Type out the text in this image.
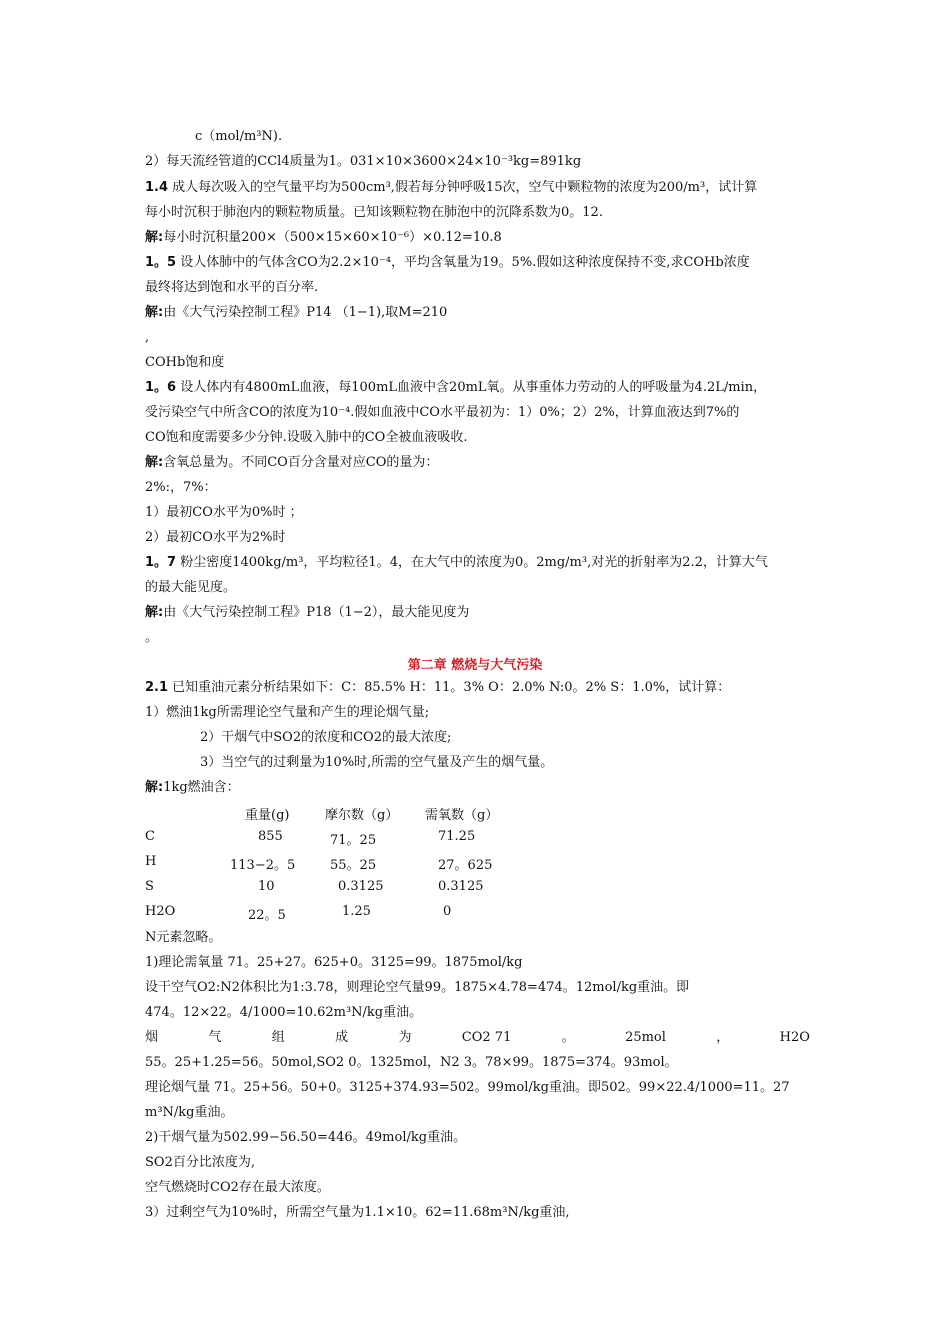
c（mol/m³N).
2）每天流经管道的CCl4质量为1。031×10×3600×24×10⁻³kg=891kg
1.4 成人每次吸入的空气量平均为500cm³,假若每分钟呼吸15次，空气中颗粒物的浓度为200/m³，试计算
每小时沉积于肺泡内的颗粒物质量。已知该颗粒物在肺泡中的沉降系数为0。12.
解:每小时沉积量200×（500×15×60×10⁻⁶）×0.12=10.8
1。5 设人体肺中的气体含CO为2.2×10⁻⁴，平均含氧量为19。5%.假如这种浓度保持不变,求COHb浓度
最终将达到饱和水平的百分率.
解:由《大气污染控制工程》P14 （1−1),取M=210
,
COHb饱和度
1。6 设人体内有4800mL血液，每100mL血液中含20mL氧。从事重体力劳动的人的呼吸量为4.2L/min，
受污染空气中所含CO的浓度为10⁻⁴.假如血液中CO水平最初为：1）0%；2）2%，计算血液达到7%的
CO饱和度需要多少分钟.设吸入肺中的CO全被血液吸收.
解:含氧总量为。不同CO百分含量对应CO的量为：
2%:，7%：
1）最初CO水平为0%时 ；
2）最初CO水平为2%时
1。7 粉尘密度1400kg/m³，平均粒径1。4，在大气中的浓度为0。2mg/m³,对光的折射率为2.2，计算大气
的最大能见度。
解:由《大气污染控制工程》P18（1−2），最大能见度为
。
第二章 燃烧与大气污染
2.1 已知重油元素分析结果如下：C：85.5% H：11。3% O：2.0% N:0。2% S：1.0%，试计算：
1）燃油1kg所需理论空气量和产生的理论烟气量;
2）干烟气中SO2的浓度和CO2的最大浓度;
3）当空气的过剩量为10%时,所需的空气量及产生的烟气量。
解:1kg燃油含：
重量(g)	摩尔数（g） 需氧数（g）
C	855	71。25	71.25
H	113−2。5	55。25	27。625
S	10	0.3125	0.3125
H2O	22。5	1.25	0
N元素忽略。
1)理论需氧量 71。25+27。625+0。3125=99。1875mol/kg
设干空气O2:N2体积比为1:3.78，则理论空气量99。1875×4.78=474。12mol/kg重油。即
474。12×22。4/1000=10.62m³N/kg重油。
烟	气	组	成	为	CO2 71	。	25mol	，	H2O
55。25+1.25=56。50mol,SO2 0。1325mol，N2 3。78×99。1875=374。93mol。
理论烟气量 71。25+56。50+0。3125+374.93=502。99mol/kg重油。即502。99×22.4/1000=11。27
m³N/kg重油。
2)干烟气量为502.99−56.50=446。49mol/kg重油。
SO2百分比浓度为,
空气燃烧时CO2存在最大浓度。
3）过剩空气为10%时，所需空气量为1.1×10。62=11.68m³N/kg重油,
